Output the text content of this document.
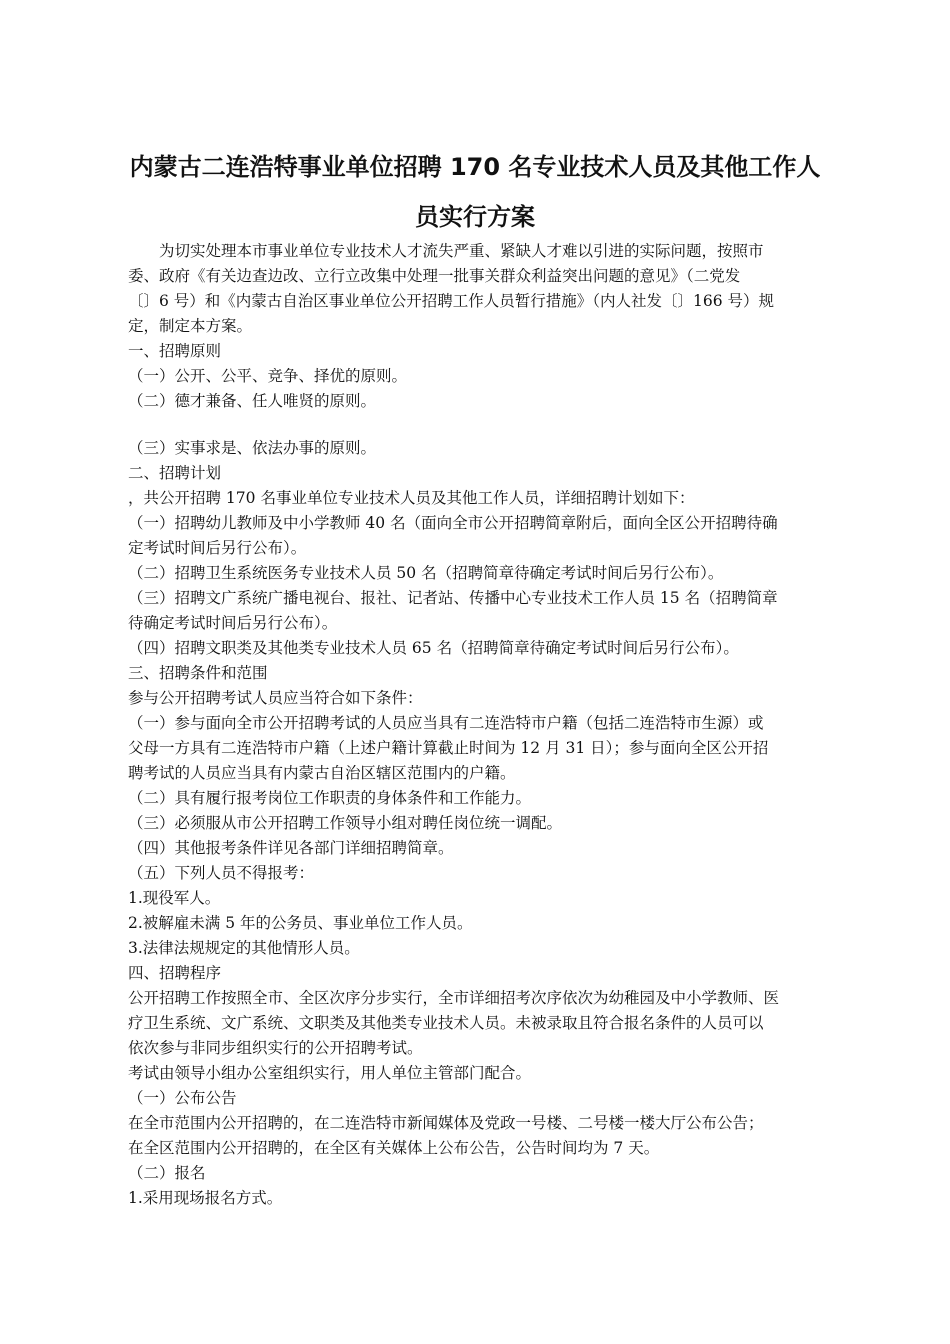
内蒙古二连浩特事业单位招聘 170 名专业技术人员及其他工作人
员实行方案

为切实处理本市事业单位专业技术人才流失严重、紧缺人才难以引进的实际问题，按照市

委、政府《有关边查边改、立行立改集中处理一批事关群众利益突出问题的意见》（二党发

〔〕6 号）和《内蒙古自治区事业单位公开招聘工作人员暂行措施》（内人社发〔〕166 号）规

定，制定本方案。

一、招聘原则

（一）公开、公平、竞争、择优的原则。

（二）德才兼备、任人唯贤的原则。

（三）实事求是、依法办事的原则。

二、招聘计划

，共公开招聘 170 名事业单位专业技术人员及其他工作人员，详细招聘计划如下：

（一）招聘幼儿教师及中小学教师 40 名（面向全市公开招聘简章附后，面向全区公开招聘待确

定考试时间后另行公布）。

（二）招聘卫生系统医务专业技术人员 50 名（招聘简章待确定考试时间后另行公布）。

（三）招聘文广系统广播电视台、报社、记者站、传播中心专业技术工作人员 15 名（招聘简章

待确定考试时间后另行公布）。

（四）招聘文职类及其他类专业技术人员 65 名（招聘简章待确定考试时间后另行公布）。

三、招聘条件和范围

参与公开招聘考试人员应当符合如下条件：

（一）参与面向全市公开招聘考试的人员应当具有二连浩特市户籍（包括二连浩特市生源）或

父母一方具有二连浩特市户籍（上述户籍计算截止时间为 12 月 31 日）；参与面向全区公开招

聘考试的人员应当具有内蒙古自治区辖区范围内的户籍。

（二）具有履行报考岗位工作职责的身体条件和工作能力。

（三）必须服从市公开招聘工作领导小组对聘任岗位统一调配。

（四）其他报考条件详见各部门详细招聘简章。

（五）下列人员不得报考：

1.现役军人。

2.被解雇未满 5 年的公务员、事业单位工作人员。

3.法律法规规定的其他情形人员。

四、招聘程序

公开招聘工作按照全市、全区次序分步实行，全市详细招考次序依次为幼稚园及中小学教师、医

疗卫生系统、文广系统、文职类及其他类专业技术人员。未被录取且符合报名条件的人员可以

依次参与非同步组织实行的公开招聘考试。

考试由领导小组办公室组织实行，用人单位主管部门配合。

（一）公布公告

在全市范围内公开招聘的，在二连浩特市新闻媒体及党政一号楼、二号楼一楼大厅公布公告；

在全区范围内公开招聘的，在全区有关媒体上公布公告，公告时间均为 7 天。

（二）报名

1.采用现场报名方式。
